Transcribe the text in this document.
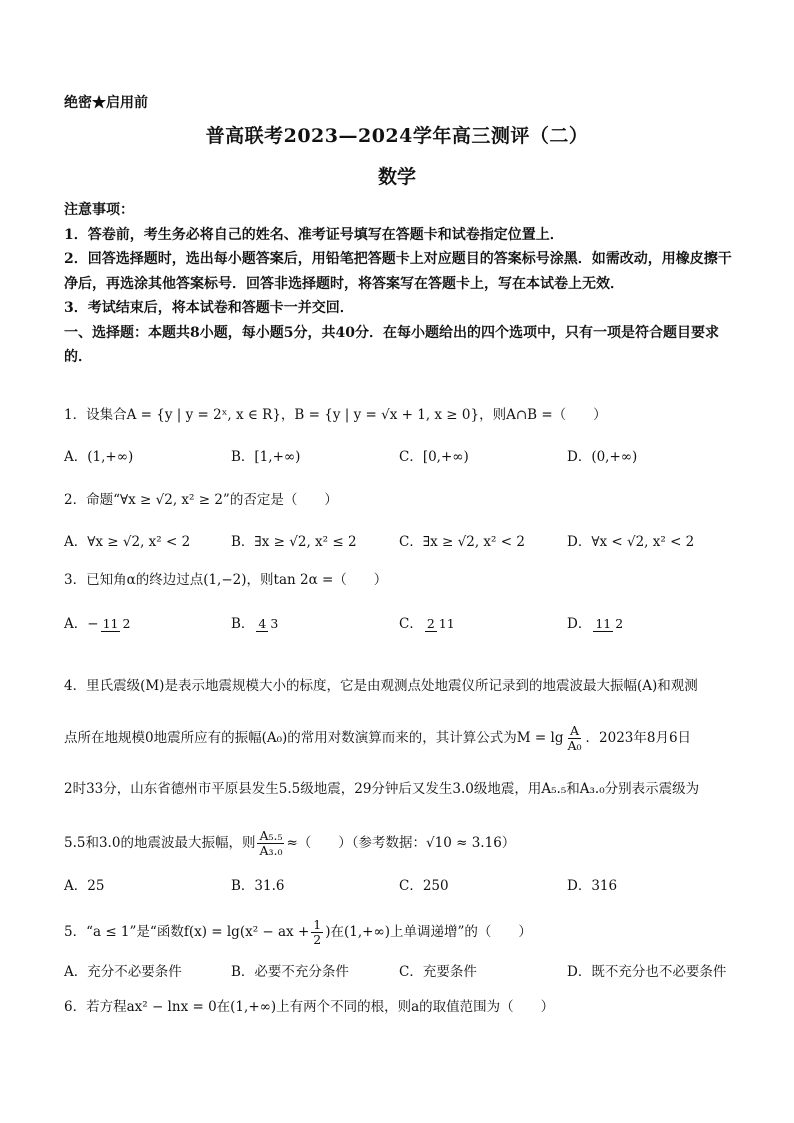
绝密★启用前
普高联考2023—2024学年高三测评（二）
数学

注意事项：

1．答卷前，考生务必将自己的姓名、准考证号填写在答题卡和试卷指定位置上．

2．回答选择题时，选出每小题答案后，用铅笔把答题卡上对应题目的答案标号涂黑．如需改动，用橡皮擦干净后，再选涂其他答案标号．回答非选择题时，将答案写在答题卡上，写在本试卷上无效．

3．考试结束后，将本试卷和答题卡一并交回．

一、选择题：本题共8小题，每小题5分，共40分．在每小题给出的四个选项中，只有一项是符合题目要求的．

1．设集合A = {y | y = 2ˣ, x ∈ R}，B = {y | y = √x + 1, x ≥ 0}，则A∩B =（　　）
A．(1,+∞)	B．[1,+∞)	C．[0,+∞)	D．(0,+∞)
2．命题“∀x ≥ √2, x² ≥ 2”的否定是（　　）
A．∀x ≥ √2, x² < 2	B．∃x ≥ √2, x² ≤ 2	C．∃x ≥ √2, x² < 2	D．∀x < √2, x² < 2
3．已知角α的终边过点(1,−2)，则tan 2α =（　　）
A．− 11 2	B． 4 3	C． 2 11	D． 11 2
4．里氏震级(M)是表示地震规模大小的标度，它是由观测点处地震仪所记录到的地震波最大振幅(A)和观测
点所在地规模0地震所应有的振幅(A₀)的常用对数演算而来的，其计算公式为$M = \lg \frac{A}{\text{A₀}}$ ．2023年8月6日
2时33分，山东省德州市平原县发生5.5级地震，29分钟后又发生3.0级地震，用A₅.₅和A₃.₀分别表示震级为
5.5和3.0的地震波最大振幅，则 $\frac{\text{A₅.₅}}{\text{A₃.₀}}$ ≈（　　）（参考数据：√10 ≈ 3.16）
A．25	B．31.6	C．250	D．316
5．“a ≤ 1”是“函数f(x) = lg(x² − ax + $\frac{1}{2}$ )在(1,+∞)上单调递增”的（　　）
A．充分不必要条件	B．必要不充分条件	C．充要条件	D．既不充分也不必要条件
6．若方程ax² − lnx = 0在(1,+∞)上有两个不同的根，则a的取值范围为（　　）
